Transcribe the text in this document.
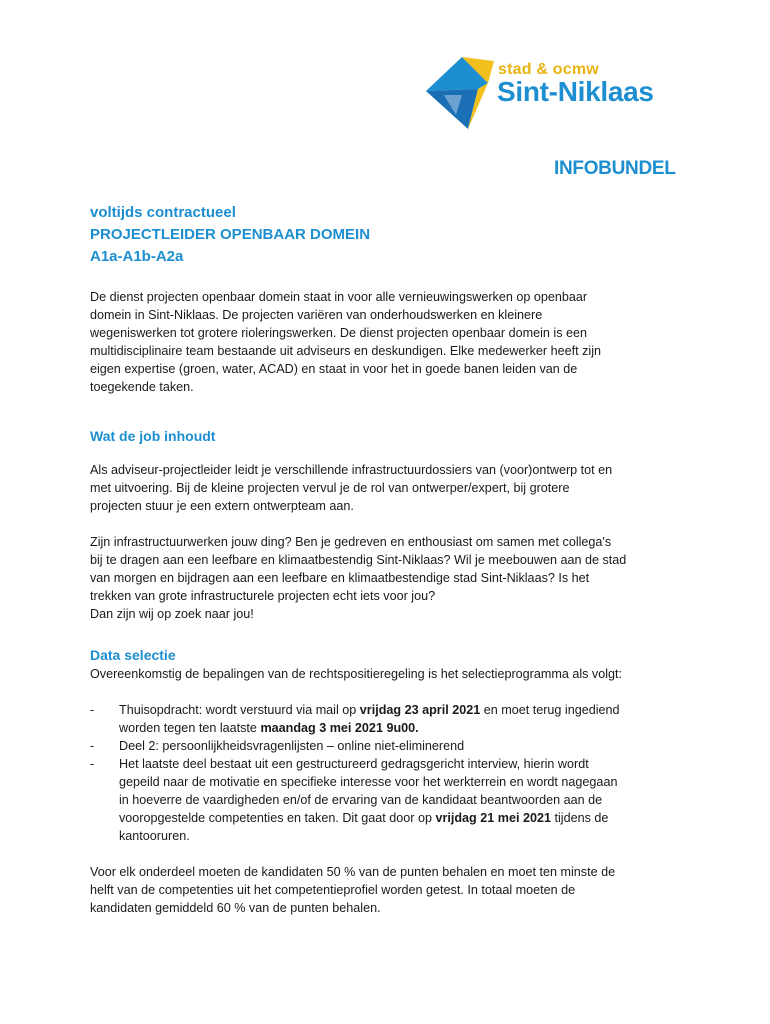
stad & ocmw
Sint-Niklaas
INFOBUNDEL
voltijds contractueel
PROJECTLEIDER OPENBAAR DOMEIN
A1a-A1b-A2a

De dienst projecten openbaar domein staat in voor alle vernieuwingswerken op openbaar
domein in Sint-Niklaas. De projecten variëren van onderhoudswerken en kleinere
wegeniswerken tot grotere rioleringswerken. De dienst projecten openbaar domein is een
multidisciplinaire team bestaande uit adviseurs en deskundigen. Elke medewerker heeft zijn
eigen expertise (groen, water, ACAD) en staat in voor het in goede banen leiden van de
toegekende taken.

Wat de job inhoudt

Als adviseur-projectleider leidt je verschillende infrastructuurdossiers van (voor)ontwerp tot en
met uitvoering. Bij de kleine projecten vervul je de rol van ontwerper/expert, bij grotere
projecten stuur je een extern ontwerpteam aan.

Zijn infrastructuurwerken jouw ding? Ben je gedreven en enthousiast om samen met collega's
bij te dragen aan een leefbare en klimaatbestendig Sint-Niklaas? Wil je meebouwen aan de stad
van morgen en bijdragen aan een leefbare en klimaatbestendige stad Sint-Niklaas? Is het
trekken van grote infrastructurele projecten echt iets voor jou?
Dan zijn wij op zoek naar jou!

Data selectie

Overeenkomstig de bepalingen van de rechtspositieregeling is het selectieprogramma als volgt:

- Thuisopdracht: wordt verstuurd via mail op vrijdag 23 april 2021 en moet terug ingediend
worden tegen ten laatste maandag 3 mei 2021 9u00.
- Deel 2: persoonlijkheidsvragenlijsten – online niet-eliminerend
- Het laatste deel bestaat uit een gestructureerd gedragsgericht interview, hierin wordt
gepeild naar de motivatie en specifieke interesse voor het werkterrein en wordt nagegaan
in hoeverre de vaardigheden en/of de ervaring van de kandidaat beantwoorden aan de
vooropgestelde competenties en taken. Dit gaat door op vrijdag 21 mei 2021 tijdens de
kantooruren.

Voor elk onderdeel moeten de kandidaten 50 % van de punten behalen en moet ten minste de
helft van de competenties uit het competentieprofiel worden getest. In totaal moeten de
kandidaten gemiddeld 60 % van de punten behalen.
